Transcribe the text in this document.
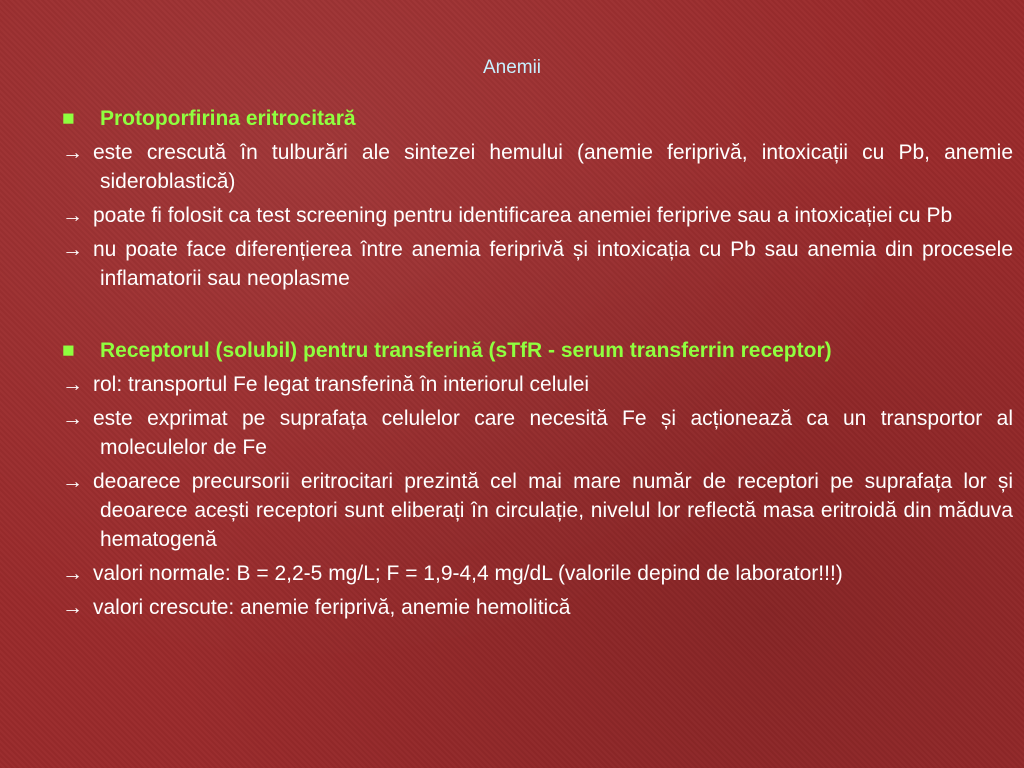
Anemii

■ Protoporfirina eritrocitară

→ este crescută în tulburări ale sintezei hemului (anemie feriprivă, intoxicații cu Pb, anemie sideroblastică)

→ poate fi folosit ca test screening pentru identificarea anemiei feriprive sau a intoxicației cu Pb

→ nu poate face diferențierea între anemia feriprivă și intoxicația cu Pb sau anemia din procesele inflamatorii sau neoplasme

■ Receptorul (solubil) pentru transferină (sTfR - serum transferrin receptor)

→ rol: transportul Fe legat transferină în interiorul celulei

→ este exprimat pe suprafața celulelor care necesită Fe și acționează ca un transportor al moleculelor de Fe

→ deoarece precursorii eritrocitari prezintă cel mai mare număr de receptori pe suprafața lor și deoarece acești receptori sunt eliberați în circulație, nivelul lor reflectă masa eritroidă din măduva hematogenă

→ valori normale: B = 2,2-5 mg/L; F = 1,9-4,4 mg/dL (valorile depind de laborator!!!)

→ valori crescute: anemie feriprivă, anemie hemolitică
